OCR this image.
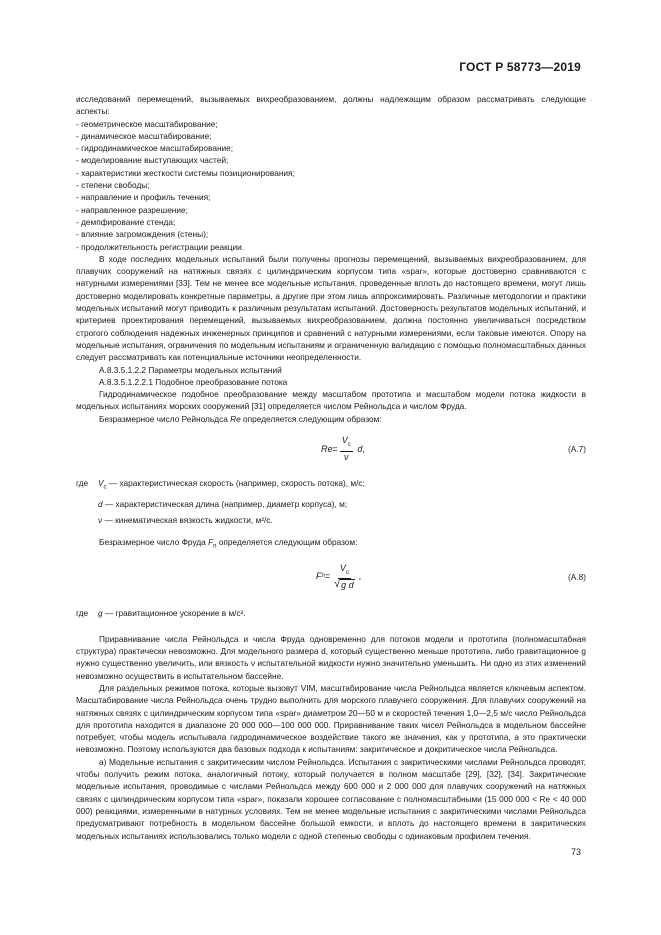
ГОСТ Р 58773—2019

исследований перемещений, вызываемых вихреобразованием, должны надлежащим образом рассматривать следующие аспекты:

- геометрическое масштабирование;
- динамическое масштабирование;
- гидродинамическое масштабирование;
- моделирование выступающих частей;
- характеристики жесткости системы позиционирования;
- степени свободы;
- направление и профиль течения;
- направленное разрешение;
- демпфирование стенда;
- влияние загромождения (стены);
- продолжительность регистрации реакции.

В ходе последних модельных испытаний были получены прогнозы перемещений, вызываемых вихреобразованием, для плавучих сооружений на натяжных связях с цилиндрическим корпусом типа «spar», которые достоверно сравниваются с натурными измерениями [33]. Тем не менее все модельные испытания, проведенные вплоть до настоящего времени, могут лишь достоверно моделировать конкретные параметры, а другие при этом лишь аппроксимировать. Различные методологии и практики модельных испытаний могут приводить к различным результатам испытаний. Достоверность результатов модельных испытаний, и критериев проектирования перемещений, вызываемых вихреобразованием, должна постоянно увеличиваться посредством строгого соблюдения надежных инженерных принципов и сравнений с натурными измерениями, если таковые имеются. Опору на модельные испытания, ограничения по модельным испытаниям и ограниченную валидацию с помощью полномасштабных данных следует рассматривать как потенциальные источники неопределенности.

А.8.3.5.1.2.2 Параметры модельных испытаний

А.8.3.5.1.2.2.1 Подобное преобразование потока

Гидродинамическое подобное преобразование между масштабом прототипа и масштабом модели потока жидкости в модельных испытаниях морских сооружений [31] определяется числом Рейнольдса и числом Фруда.

Безразмерное число Рейнольдса Re определяется следующим образом:

$Re = \frac{V_с}{\nu}$
d ,	(А.7)
где	$V_с$ — характеристическая скорость (например, скорость потока), м/с;

d — характеристическая длина (например, диаметр корпуса), м;

ν — кинематическая вязкость жидкости, м²/с.

Безразмерное число Фруда $F_n$ определяется следующим образом:

F $n = \frac{V_с}{\text{√ g d}}$ ,	(А.8)
где	g — гравитационное ускорение в м/с².

Приравнивание числа Рейнольдса и числа Фруда одновременно для потоков модели и прототипа (полномасштабная структура) практически невозможно. Для модельного размера d, который существенно меньше прототипа, либо гравитационное g нужно существенно увеличить, или вязкость ν испытательной жидкости нужно значительно уменьшить. Ни одно из этих изменений невозможно осуществить в испытательном бассейне.

Для раздельных режимов потока, которые вызовут VIM, масштабирование числа Рейнольдса является ключевым аспектом. Масштабирование числа Рейнольдса очень трудно выполнить для морского плавучего сооружения. Для плавучих сооружений на натяжных связях с цилиндрическим корпусом типа «spar» диаметром 20—50 м и скоростей течения 1,0—2,5 м/с число Рейнольдса для прототипа находится в диапазоне 20 000 000—100 000 000. Приравнивание таких чисел Рейнольдса в модельном бассейне потребует, чтобы модель испытывала гидродинамическое воздействие такого же значения, как у прототипа, а это практически невозможно. Поэтому используются два базовых подхода к испытаниям: закритическое и докритическое числа Рейнольдса.

а) Модельные испытания с закритическим числом Рейнольдса. Испытания с закритическими числами Рейнольдса проводят, чтобы получить режим потока, аналогичный потоку, который получается в полном масштабе [29], [32], [34]. Закритические модельные испытания, проводимые с числами Рейнольдса между 600 000 и 2 000 000 для плавучих сооружений на натяжных связях с цилиндрическим корпусом типа «spar», показали хорошее согласование с полномасштабными (15 000 000 < Re < 40 000 000) реакциями, измеренными в натурных условиях. Тем не менее модельные испытания с закритическими числами Рейнольдса предусматривают потребность в модельном бассейне большой емкости, и вплоть до настоящего времени в закритических модельных испытаниях использовались только модели с одной степенью свободы с одинаковым профилем течения.

73
